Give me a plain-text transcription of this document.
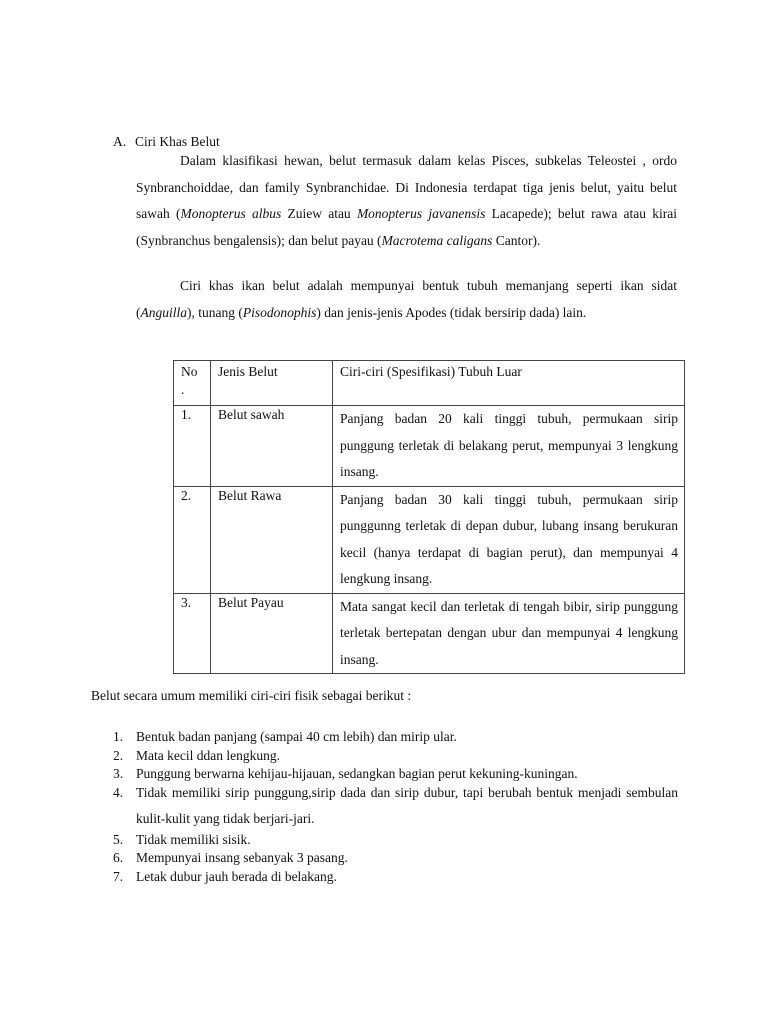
A. Ciri Khas Belut
Dalam klasifikasi hewan, belut termasuk dalam kelas Pisces, subkelas Teleostei , ordo Synbranchoiddae, dan family Synbranchidae. Di Indonesia terdapat tiga jenis belut, yaitu belut sawah (Monopterus albus Zuiew atau Monopterus javanensis Lacapede); belut rawa atau kirai (Synbranchus bengalensis); dan belut payau (Macrotema caligans Cantor).
Ciri khas ikan belut adalah mempunyai bentuk tubuh memanjang seperti ikan sidat (Anguilla), tunang (Pisodonophis) dan jenis-jenis Apodes (tidak bersirip dada) lain.
No .	Jenis Belut	Ciri-ciri (Spesifikasi) Tubuh Luar
1.	Belut sawah	Panjang badan 20 kali tinggi tubuh, permukaan sirip punggung terletak di belakang perut, mempunyai 3 lengkung insang.
2.	Belut Rawa	Panjang badan 30 kali tinggi tubuh, permukaan sirip punggunng terletak di depan dubur, lubang insang berukuran kecil (hanya terdapat di bagian perut), dan mempunyai 4 lengkung insang.
3.	Belut Payau	Mata sangat kecil dan terletak di tengah bibir, sirip punggung terletak bertepatan dengan ubur dan mempunyai 4 lengkung insang.
Belut secara umum memiliki ciri-ciri fisik sebagai berikut :
1. Bentuk badan panjang (sampai 40 cm lebih) dan mirip ular.
2. Mata kecil ddan lengkung.
3. Punggung berwarna kehijau-hijauan, sedangkan bagian perut kekuning-kuningan.
4. Tidak memiliki sirip punggung,sirip dada dan sirip dubur, tapi berubah bentuk menjadi sembulan kulit-kulit yang tidak berjari-jari.
5. Tidak memiliki sisik.
6. Mempunyai insang sebanyak 3 pasang.
7. Letak dubur jauh berada di belakang.
